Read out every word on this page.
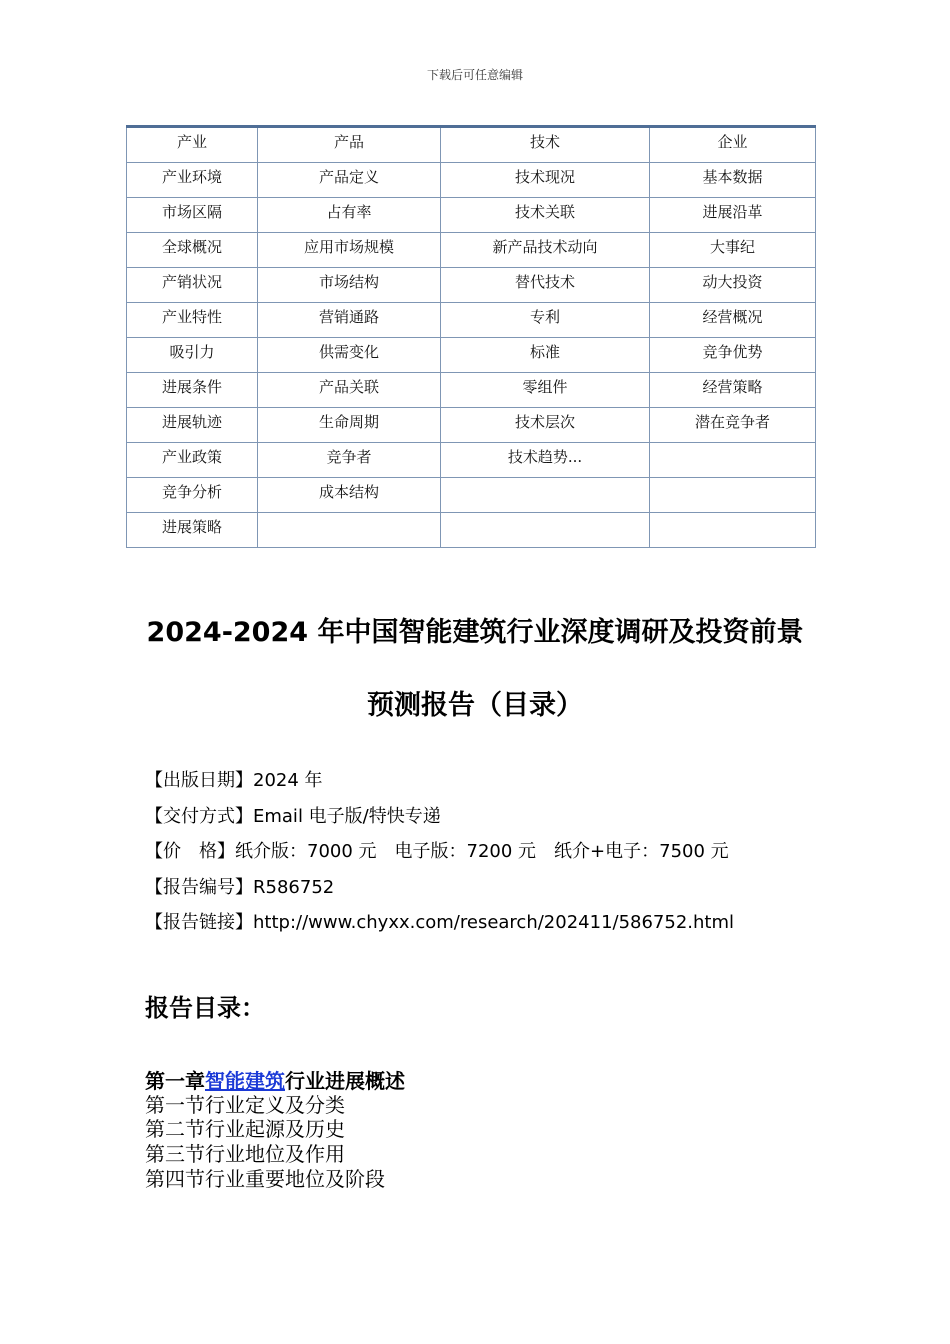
下载后可任意编辑
产业	产品	技术	企业
产业环境	产品定义	技术现况	基本数据
市场区隔	占有率	技术关联	进展沿革
全球概况	应用市场规模	新产品技术动向	大事纪
产销状况	市场结构	替代技术	动大投资
产业特性	营销通路	专利	经营概况
吸引力	供需变化	标准	竞争优势
进展条件	产品关联	零组件	经营策略
进展轨迹	生命周期	技术层次	潜在竞争者
产业政策	竞争者	技术趋势...	
竞争分析	成本结构		
进展策略			
2024-2024 年中国智能建筑行业深度调研及投资前景
预测报告（目录）
【出版日期】2024 年
【交付方式】Email 电子版/特快专递
【价　格】纸介版：7000 元　电子版：7200 元　纸介+电子：7500 元
【报告编号】R586752
【报告链接】http://www.chyxx.com/research/202411/586752.html
报告目录：
第一章智能建筑行业进展概述
第一节行业定义及分类
第二节行业起源及历史
第三节行业地位及作用
第四节行业重要地位及阶段
